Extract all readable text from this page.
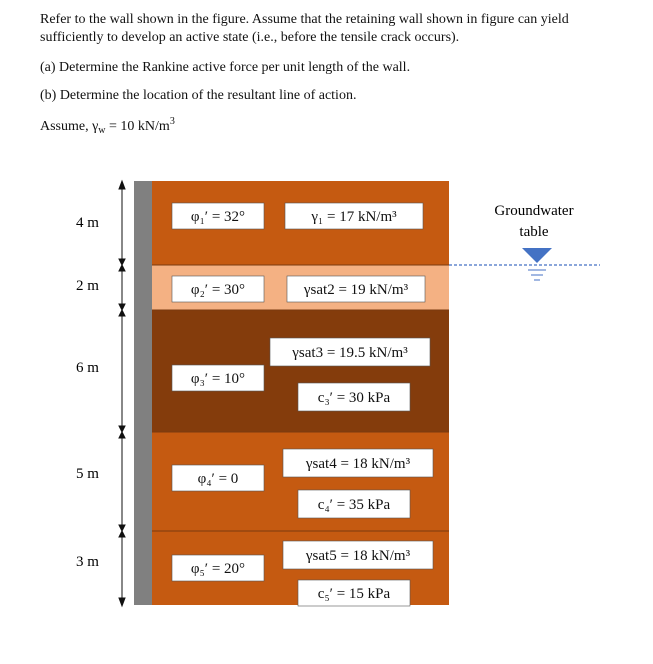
Refer to the wall shown in the figure. Assume that the retaining wall shown in figure can yield
sufficiently to develop an active state (i.e., before the tensile crack occurs).
(a) Determine the Rankine active force per unit length of the wall.
(b) Determine the location of the resultant line of action.
Assume, $\gamma_w = 10$ $kN/m^3$
4 m
2 m
6 m
5 m
3 m
φ₁′ = 32°	γ₁ = 17 kN/m³
φ₂′ = 30°	γsat2 = 19 kN/m³
φ₃′ = 10°
γsat3 = 19.5 kN/m³
c₃′ = 30 kPa
φ₄′ = 0
γsat4 = 18 kN/m³
c₄′ = 35 kPa
φ₅′ = 20°
γsat5 = 18 kN/m³
c₅′ = 15 kPa
Groundwater
table
